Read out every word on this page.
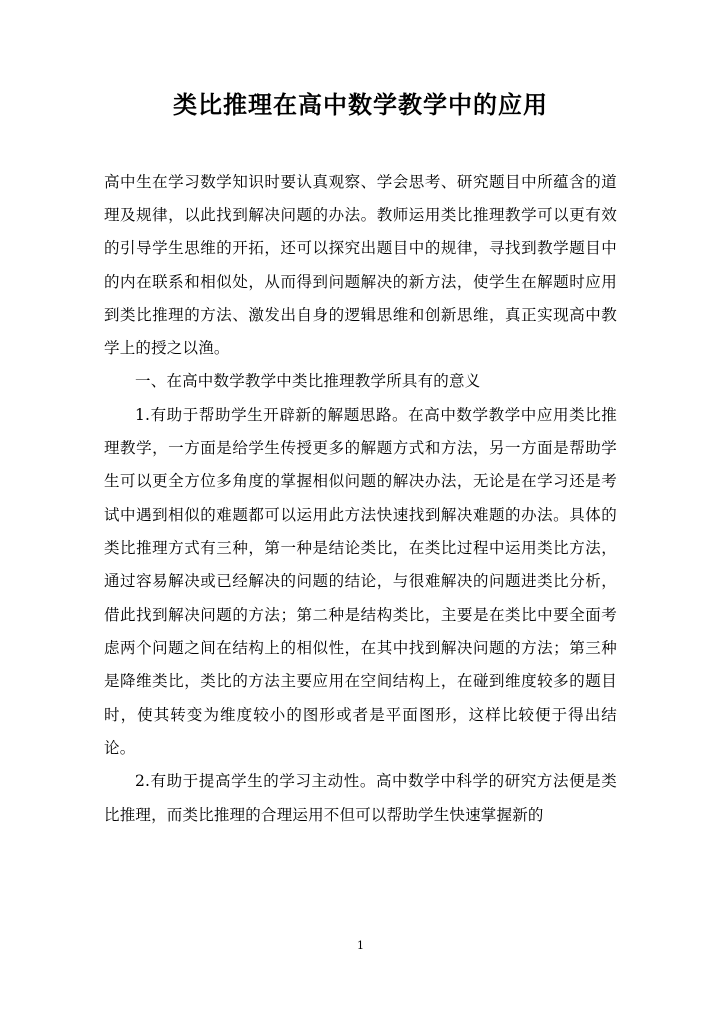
类比推理在高中数学教学中的应用

高中生在学习数学知识时要认真观察、学会思考、研究题目中所蕴含的道理及规律，以此找到解决问题的办法。教师运用类比推理教学可以更有效的引导学生思维的开拓，还可以探究出题目中的规律，寻找到教学题目中的内在联系和相似处，从而得到问题解决的新方法，使学生在解题时应用到类比推理的方法、激发出自身的逻辑思维和创新思维，真正实现高中教学上的授之以渔。

一、在高中数学教学中类比推理教学所具有的意义

1.有助于帮助学生开辟新的解题思路。在高中数学教学中应用类比推理教学，一方面是给学生传授更多的解题方式和方法，另一方面是帮助学生可以更全方位多角度的掌握相似问题的解决办法，无论是在学习还是考试中遇到相似的难题都可以运用此方法快速找到解决难题的办法。具体的类比推理方式有三种，第一种是结论类比，在类比过程中运用类比方法，通过容易解决或已经解决的问题的结论，与很难解决的问题进类比分析，借此找到解决问题的方法；第二种是结构类比，主要是在类比中要全面考虑两个问题之间在结构上的相似性，在其中找到解决问题的方法；第三种是降维类比，类比的方法主要应用在空间结构上，在碰到维度较多的题目时，使其转变为维度较小的图形或者是平面图形，这样比较便于得出结论。

2.有助于提高学生的学习主动性。高中数学中科学的研究方法便是类比推理，而类比推理的合理运用不但可以帮助学生快速掌握新的

1
